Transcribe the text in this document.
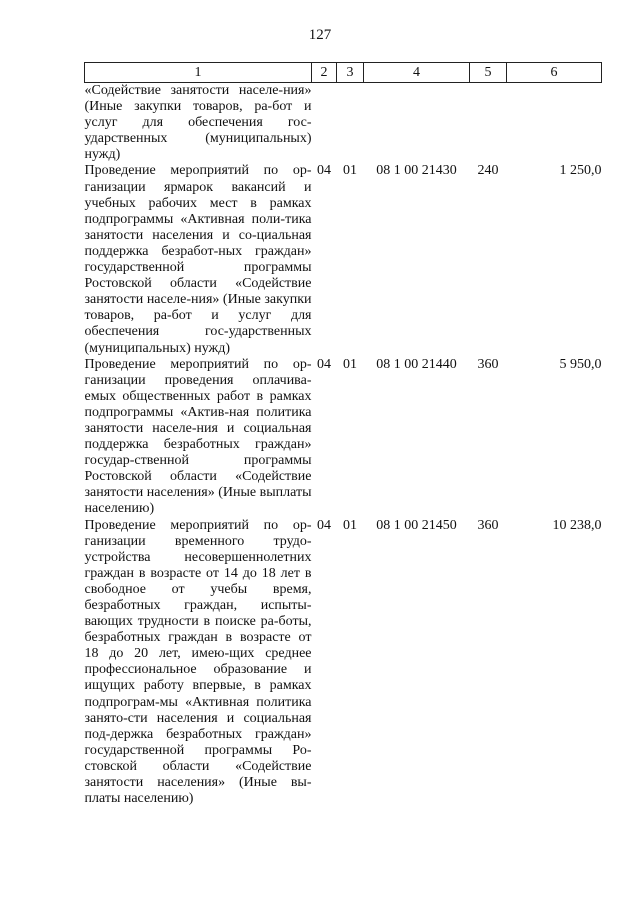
127
1	2	3	4	5	6
«Содействие занятости населе-ния» (Иные закупки товаров, ра-бот и услуг для обеспечения гос-ударственных (муниципальных) нужд)					
Проведение мероприятий по ор-ганизации ярмарок вакансий и учебных рабочих мест в рамках подпрограммы «Активная поли-тика занятости населения и со-циальная поддержка безработ-ных граждан» государственной программы Ростовской области «Содействие занятости населе-ния» (Иные закупки товаров, ра-бот и услуг для обеспечения гос-ударственных (муниципальных) нужд)	04	01	08 1 00 21430	240	1 250,0
Проведение мероприятий по ор-ганизации проведения оплачива-емых общественных работ в рамках подпрограммы «Актив-ная политика занятости населе-ния и социальная поддержка безработных граждан» государ-ственной программы Ростовской области «Содействие занятости населения» (Иные выплаты населению)	04	01	08 1 00 21440	360	5 950,0
Проведение мероприятий по ор-ганизации временного трудо-устройства несовершеннолетних граждан в возрасте от 14 до 18 лет в свободное от учебы время, безработных граждан, испыты-вающих трудности в поиске ра-боты, безработных граждан в возрасте от 18 до 20 лет, имею-щих среднее профессиональное образование и ищущих работу впервые, в рамках подпрограм-мы «Активная политика занято-сти населения и социальная под-держка безработных граждан» государственной программы Ро-стовской области «Содействие занятости населения» (Иные вы-платы населению)	04	01	08 1 00 21450	360	10 238,0
